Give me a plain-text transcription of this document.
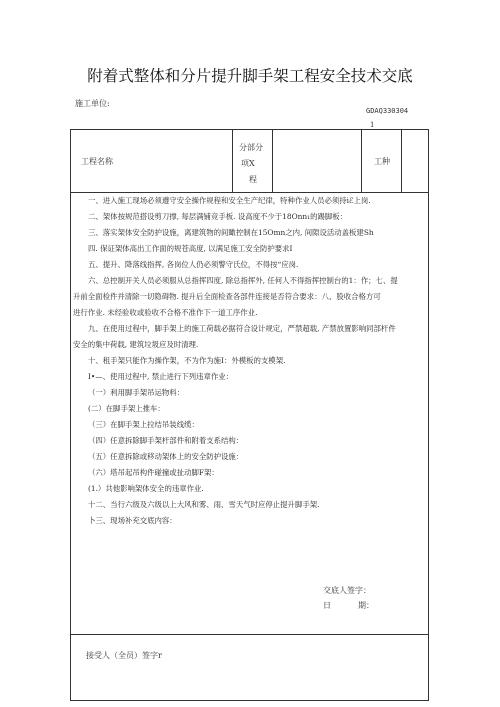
附着式整体和分片提升脚手架工程安全技术交底
施工单位:
GDAQ330304
1
工程名称
分部分
项X
程
工种
一、进入施工现场必须遵守安全操作规程和安全生产纪律，特种作业人员必须持iℰ上岗.
二、架体按规范搭设剪刀撑, 每层满铺竞手板. 设高度不少于18Onn₁的踢脚板：
三、落实架体安全防护设施，离建筑物的间瞰控制在15Omn之内, 间隙设活动盖板建Sh
四. 保证架体高出工作面的规苍高度, 以满足施工安全防护要求I
五、提升、降落线指挥, 各岗位人仍必须警守氏位，不得按“应岗.
六、总控制开关人员必须服从总指挥四度, 除总指挥外, 任何人不得指挥控制台的1：作；七、提
升前全面检件并清除一切隐碍物. 提升后全面检查各部件连接是否符合要求：八、股收合格方可
进行作业. 未经验收或验收不合格不准作下一道工序作业.
九、在使用过程中，脚手架上的施工荷载必据符合设计规定，严禁超载, 产禁放置影响同部杆件
安全的集中荷载, 建筑垃圾应及时清理.
十、租手架只能作为操作架，不为作为施I：外模板的支模架.
I•—、使用过程中, 禁止进行下列违章作业：
（一）利用脚手架吊运物料：
(二）在脚手架上推车：
（三）在脚手架上拉结吊装线缆：
（四）任意拆除脚手架杆部件和附着支系结构：
（五）任意拆除或移动架体上的安全防护设施：
（六）塔吊起吊构件碰撞或扯动脚F架：
(1.）共他影响架体安全的违章作业.
十二、当行六级及六级以上大风和雾、雨、雪天气时应停止提升脚手架.
卜三、现场补充交底内容：
交底人签字：
日	期：
接受人（全员）签字r
